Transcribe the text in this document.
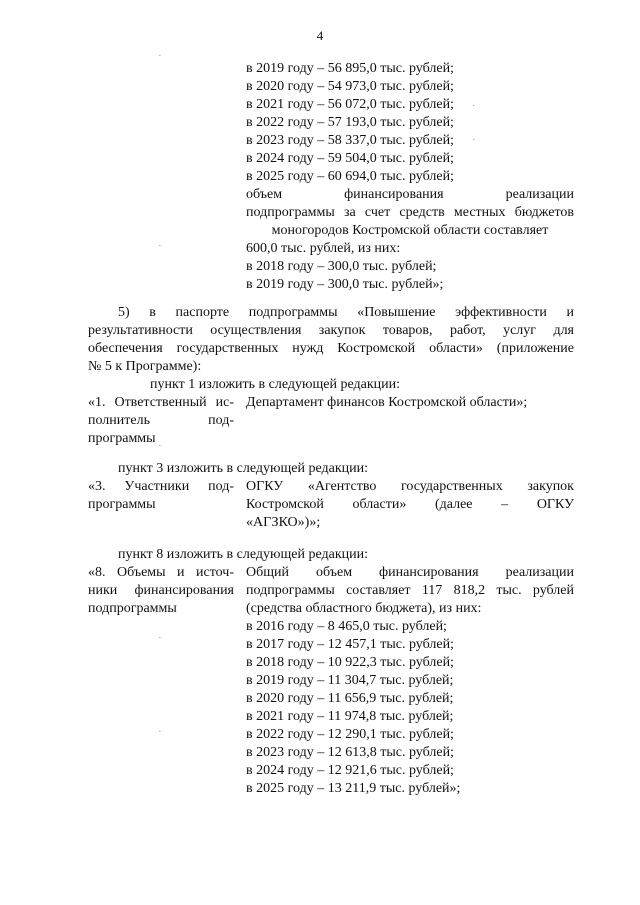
4
в 2019 году – 56 895,0 тыс. рублей;
в 2020 году – 54 973,0 тыс. рублей;
в 2021 году – 56 072,0 тыс. рублей;
в 2022 году – 57 193,0 тыс. рублей;
в 2023 году – 58 337,0 тыс. рублей;
в 2024 году – 59 504,0 тыс. рублей;
в 2025 году – 60 694,0 тыс. рублей;
объем финансирования реализации
подпрограммы за счет средств местных бюджетов
моногородов Костромской области составляет
600,0 тыс. рублей, из них:
в 2018 году – 300,0 тыс. рублей;
в 2019 году – 300,0 тыс. рублей»;
5) в паспорте подпрограммы «Повышение эффективности и
результативности осуществления закупок товаров, работ, услуг для
обеспечения государственных нужд Костромской области» (приложение
№ 5 к Программе):
пункт 1 изложить в следующей редакции:
«1. Ответственный ис-
полнитель под-
программы
Департамент финансов Костромской области»;
пункт 3 изложить в следующей редакции:
«3. Участники под-
программы
ОГКУ «Агентство государственных закупок
Костромской области» (далее – ОГКУ
«АГЗКО»)»;
пункт 8 изложить в следующей редакции:
«8. Объемы и источ-
ники финансирования
подпрограммы
Общий объем финансирования реализации
подпрограммы составляет 117 818,2 тыс. рублей
(средства областного бюджета), из них:
в 2016 году – 8 465,0 тыс. рублей;
в 2017 году – 12 457,1 тыс. рублей;
в 2018 году – 10 922,3 тыс. рублей;
в 2019 году – 11 304,7 тыс. рублей;
в 2020 году – 11 656,9 тыс. рублей;
в 2021 году – 11 974,8 тыс. рублей;
в 2022 году – 12 290,1 тыс. рублей;
в 2023 году – 12 613,8 тыс. рублей;
в 2024 году – 12 921,6 тыс. рублей;
в 2025 году – 13 211,9 тыс. рублей»;
·
·
·
·
·
·
·
